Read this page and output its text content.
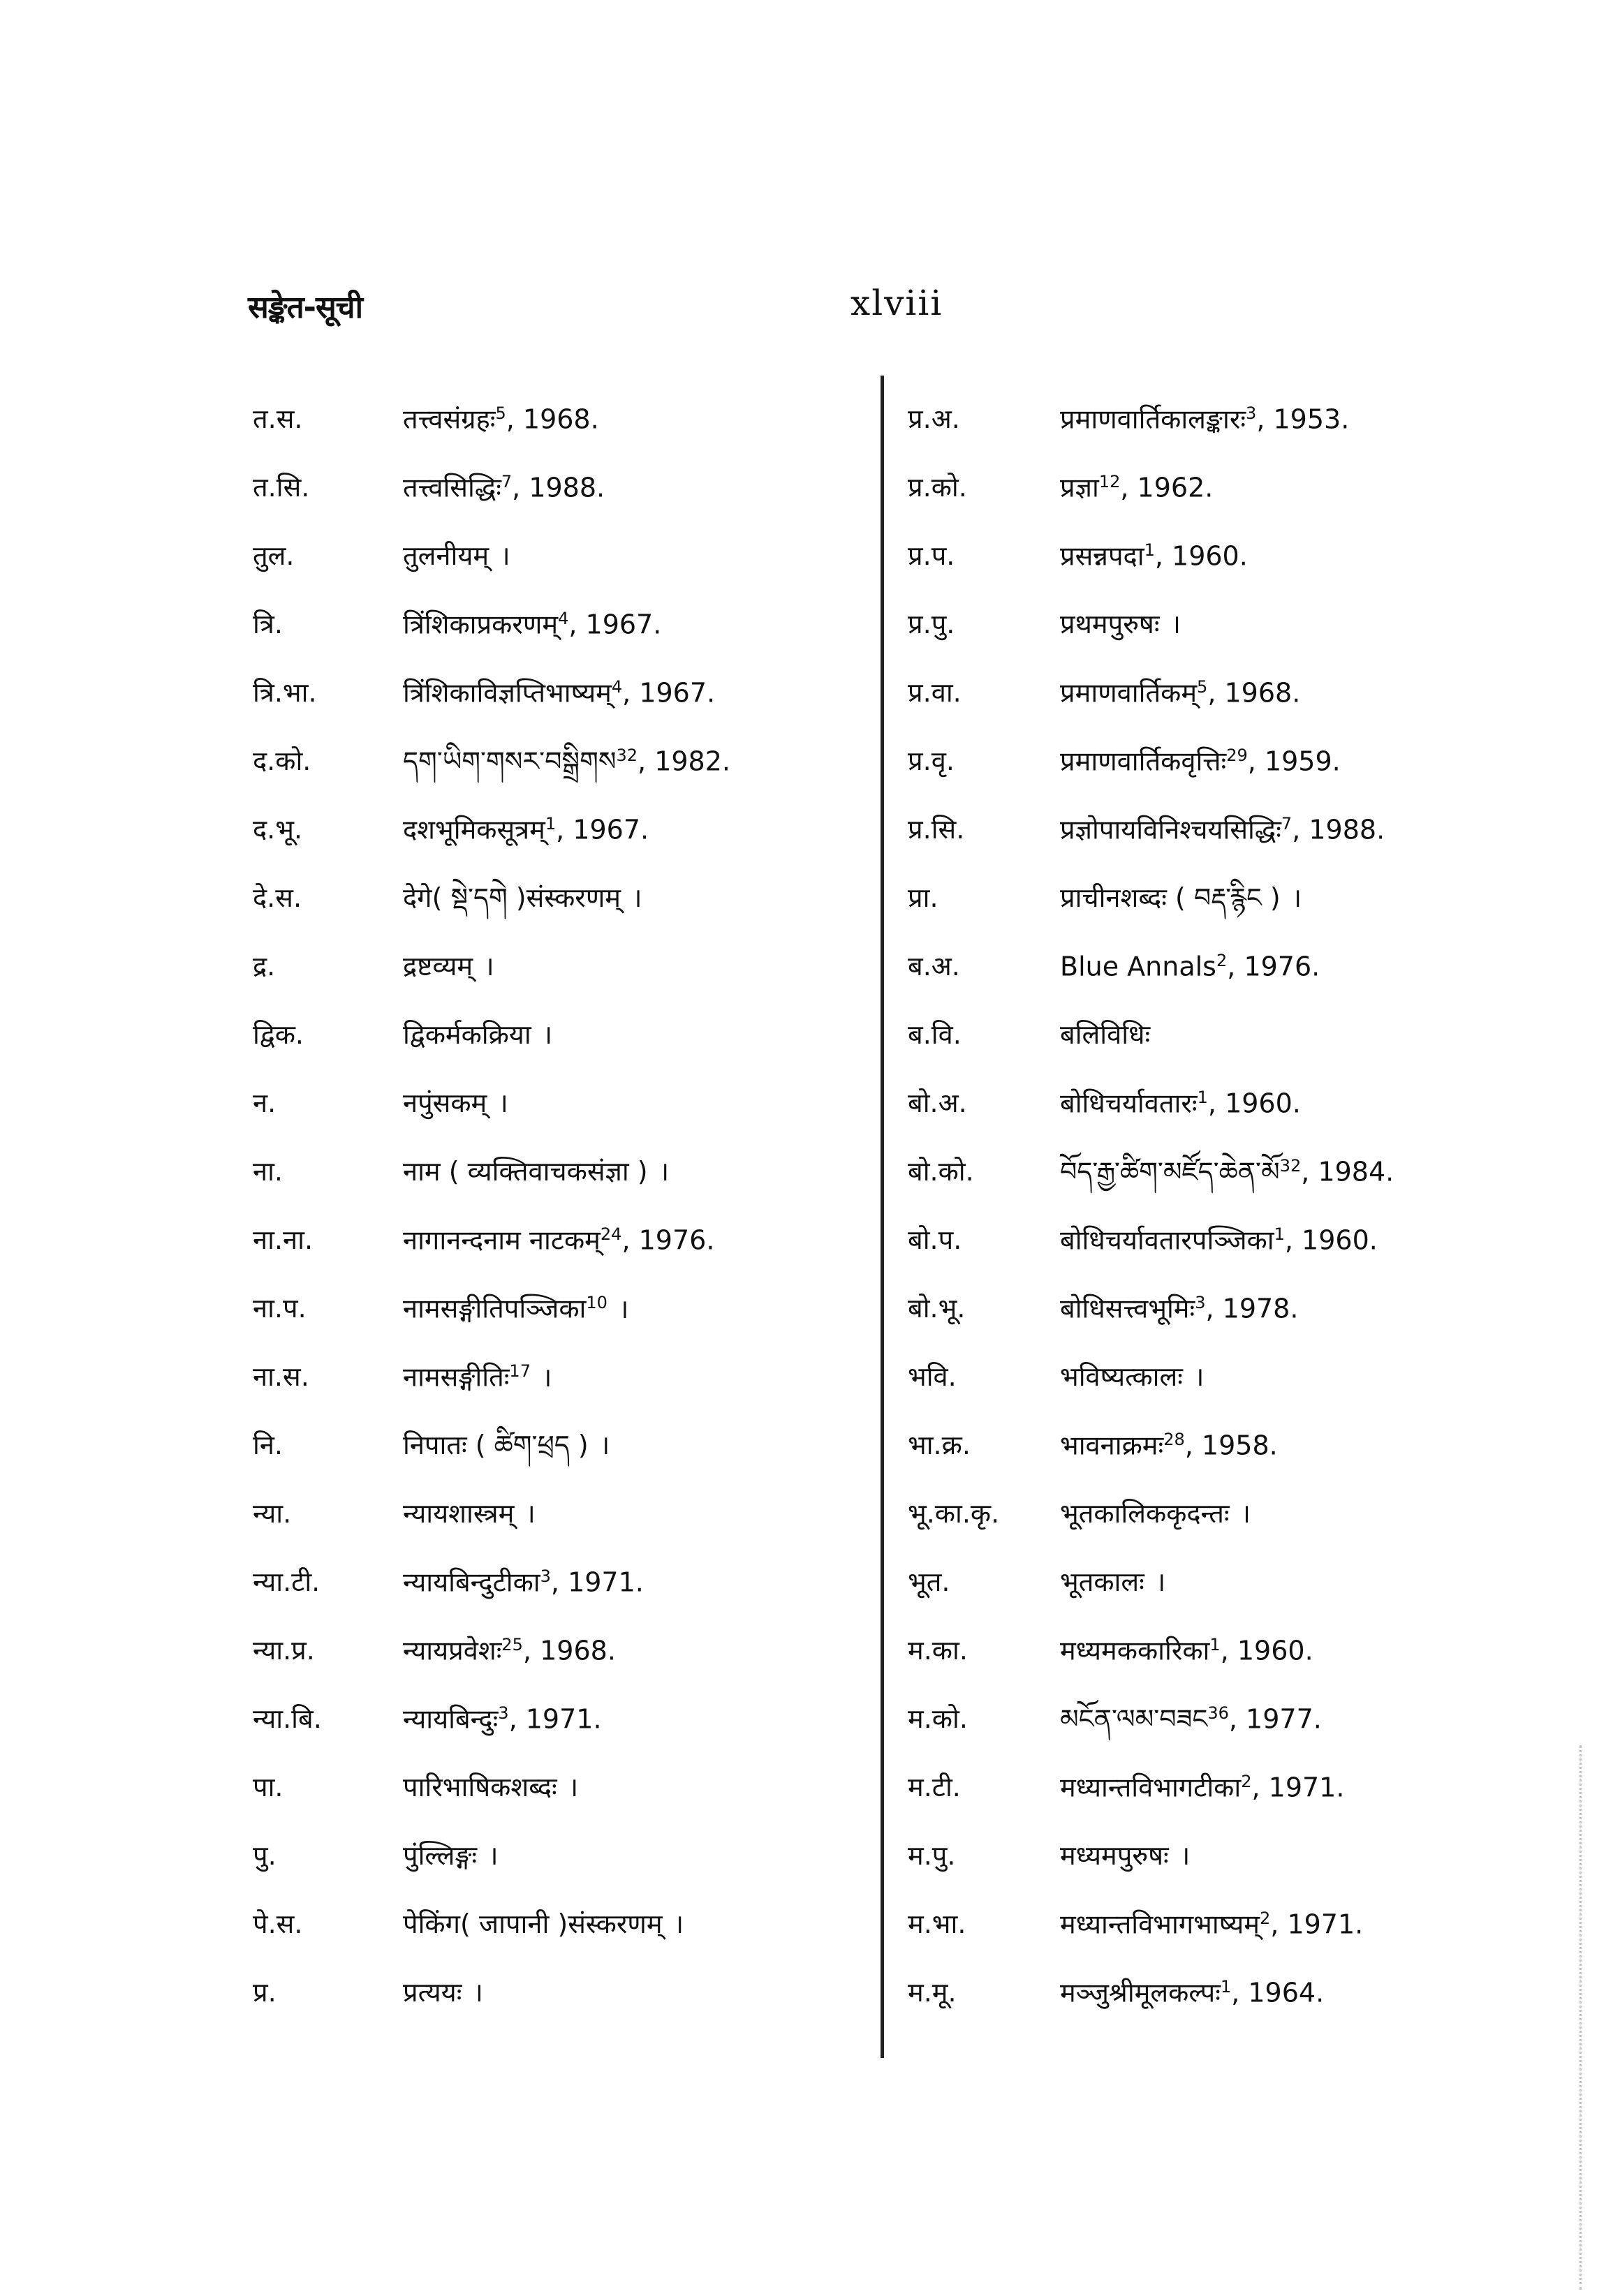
सङ्केत-सूची	xlviii
त.स.	तत्त्वसंग्रहः$^5$, 1968.
त.सि.	तत्त्वसिद्धिः$^7$, 1988.
तुल.	तुलनीयम् ।
त्रि.	त्रिंशिकाप्रकरणम्$^4$, 1967.
त्रि.भा.	त्रिंशिकाविज्ञप्तिभाष्यम्$^4$, 1967.
द.को.	དག་ཡིག་གསར་བསྒྲིགས$^{32}$, 1982.
द.भू.	दशभूमिकसूत्रम्$^1$, 1967.
दे.स.	देगे( སྡེ་དགེ )संस्करणम् ।
द्र.	द्रष्टव्यम् ।
द्विक.	द्विकर्मकक्रिया ।
न.	नपुंसकम् ।
ना.	नाम ( व्यक्तिवाचकसंज्ञा ) ।
ना.ना.	नागानन्दनाम नाटकम्$^{24}$, 1976.
ना.प.	नामसङ्गीतिपञ्जिका$^{10}$ ।
ना.स.	नामसङ्गीतिः$^{17}$ ।
नि.	निपातः ( ཚིག་ཕྲད ) ।
न्या.	न्यायशास्त्रम् ।
न्या.टी.	न्यायबिन्दुटीका$^3$, 1971.
न्या.प्र.	न्यायप्रवेशः$^{25}$, 1968.
न्या.बि.	न्यायबिन्दुः$^3$, 1971.
पा.	पारिभाषिकशब्दः ।
पु.	पुंल्लिङ्गः ।
पे.स.	पेकिंग( जापानी )संस्करणम् ।
प्र.	प्रत्ययः ।
प्र.अ.	प्रमाणवार्तिकालङ्कारः$^3$, 1953.
प्र.को.	प्रज्ञा$^{12}$, 1962.
प्र.प.	प्रसन्नपदा$^1$, 1960.
प्र.पु.	प्रथमपुरुषः ।
प्र.वा.	प्रमाणवार्तिकम्$^5$, 1968.
प्र.वृ.	प्रमाणवार्तिकवृत्तिः$^{29}$, 1959.
प्र.सि.	प्रज्ञोपायविनिश्चयसिद्धिः$^7$, 1988.
प्रा.	प्राचीनशब्दः ( བརྡ་རྙིང ) ।
ब.अ.	Blue Annals$^2$, 1976.
ब.वि.	बलिविधिः
बो.अ.	बोधिचर्यावतारः$^1$, 1960.
बो.को.	བོད་རྒྱ་ཚིག་མཛོད་ཆེན་མོ$^{32}$, 1984.
बो.प.	बोधिचर्यावतारपञ्जिका$^1$, 1960.
बो.भू.	बोधिसत्त्वभूमिः$^3$, 1978.
भवि.	भविष्यत्कालः ।
भा.क्र.	भावनाक्रमः$^{28}$, 1958.
भू.का.कृ. भूतकालिककृदन्तः ।
भूत.	भूतकालः ।
म.का.	मध्यमककारिका$^1$, 1960.
म.को.	མངོན་ལམ་བཟང$^{36}$, 1977.
म.टी.	मध्यान्तविभागटीका$^2$, 1971.
म.पु.	मध्यमपुरुषः ।
म.भा.	मध्यान्तविभागभाष्यम्$^2$, 1971.
म.मू.	मञ्जुश्रीमूलकल्पः$^1$, 1964.
